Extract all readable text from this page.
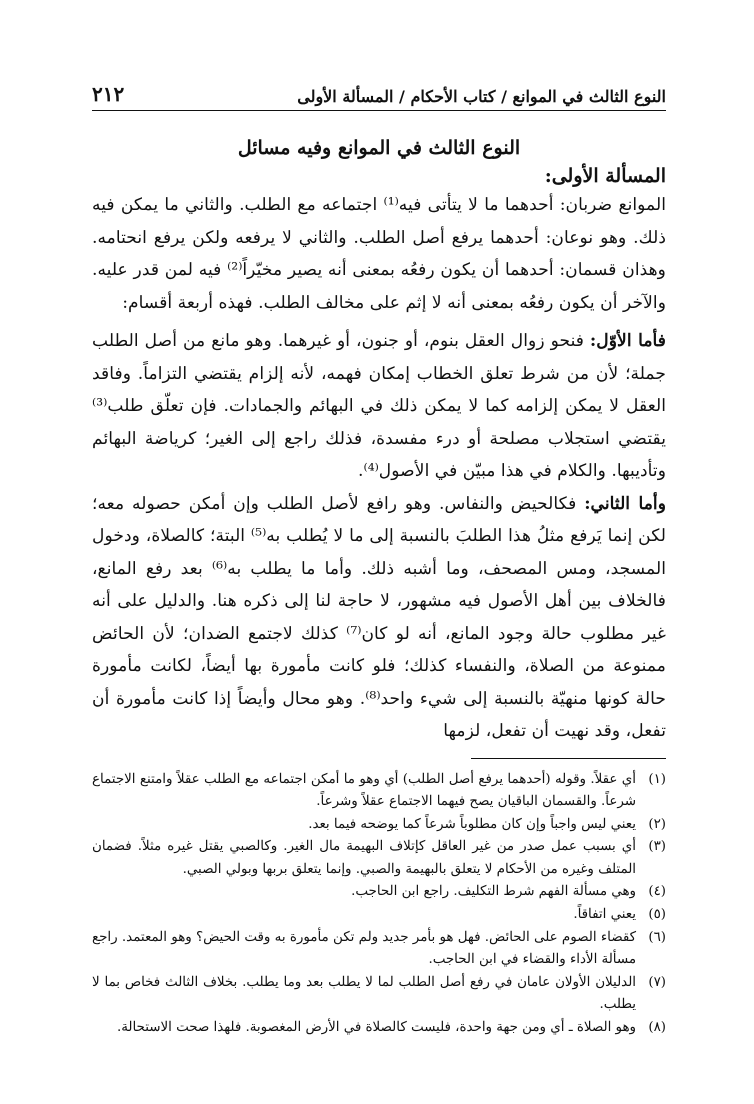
النوع الثالث في الموانع / كتاب الأحكام / المسألة الأولى
٢١٢
النوع الثالث في الموانع وفيه مسائل
المسألة الأولى:

الموانع ضربان: أحدهما ما لا يتأتى فيه⁽¹⁾ اجتماعه مع الطلب. والثاني ما يمكن فيه ذلك. وهو نوعان: أحدهما يرفع أصل الطلب. والثاني لا يرفعه ولكن يرفع انحتامه. وهذان قسمان: أحدهما أن يكون رفعُه بمعنى أنه يصير مخيّراً⁽²⁾ فيه لمن قدر عليه. والآخر أن يكون رفعُه بمعنى أنه لا إثم على مخالف الطلب. فهذه أربعة أقسام:

فأما الأوّل: فنحو زوال العقل بنوم، أو جنون، أو غيرهما. وهو مانع من أصل الطلب جملة؛ لأن من شرط تعلق الخطاب إمكان فهمه، لأنه إلزام يقتضي التزاماً. وفاقد العقل لا يمكن إلزامه كما لا يمكن ذلك في البهائم والجمادات. فإن تعلّق طلب⁽³⁾ يقتضي استجلاب مصلحة أو درء مفسدة، فذلك راجع إلى الغير؛ كرياضة البهائم وتأديبها. والكلام في هذا مبيّن في الأصول⁽⁴⁾.

وأما الثاني: فكالحيض والنفاس. وهو رافع لأصل الطلب وإن أمكن حصوله معه؛ لكن إنما يَرفع مثلُ هذا الطلبَ بالنسبة إلى ما لا يُطلب به⁽⁵⁾ البتة؛ كالصلاة، ودخول المسجد، ومس المصحف، وما أشبه ذلك. وأما ما يطلب به⁽⁶⁾ بعد رفع المانع، فالخلاف بين أهل الأصول فيه مشهور، لا حاجة لنا إلى ذكره هنا. والدليل على أنه غير مطلوب حالة وجود المانع، أنه لو كان⁽⁷⁾ كذلك لاجتمع الضدان؛ لأن الحائض ممنوعة من الصلاة، والنفساء كذلك؛ فلو كانت مأمورة بها أيضاً، لكانت مأمورة حالة كونها منهيّة بالنسبة إلى شيء واحد⁽⁸⁾. وهو محال وأيضاً إذا كانت مأمورة أن تفعل، وقد نهيت أن تفعل، لزمها

(١)
أي عقلاً. وقوله (أحدهما يرفع أصل الطلب) أي وهو ما أمكن اجتماعه مع الطلب عقلاً وامتنع الاجتماع شرعاً. والقسمان الباقيان يصح فيهما الاجتماع عقلاً وشرعاً.
(٢)
يعني ليس واجباً وإن كان مطلوباً شرعاً كما يوضحه فيما بعد.
(٣)
أي بسبب عمل صدر من غير العاقل كإتلاف البهيمة مال الغير. وكالصبي يقتل غيره مثلاً. فضمان المتلف وغيره من الأحكام لا يتعلق بالبهيمة والصبي. وإنما يتعلق بربها وبولي الصبي.
(٤)
وهي مسألة الفهم شرط التكليف. راجع ابن الحاجب.
(٥)
يعني اتفاقاً.
(٦)
كقضاء الصوم على الحائض. فهل هو بأمر جديد ولم تكن مأمورة به وقت الحيض؟ وهو المعتمد. راجع مسألة الأداء والقضاء في ابن الحاجب.
(٧)
الدليلان الأولان عامان في رفع أصل الطلب لما لا يطلب بعد وما يطلب. بخلاف الثالث فخاص بما لا يطلب.
(٨)
وهو الصلاة ـ أي ومن جهة واحدة، فليست كالصلاة في الأرض المغصوبة. فلهذا صحت الاستحالة.
